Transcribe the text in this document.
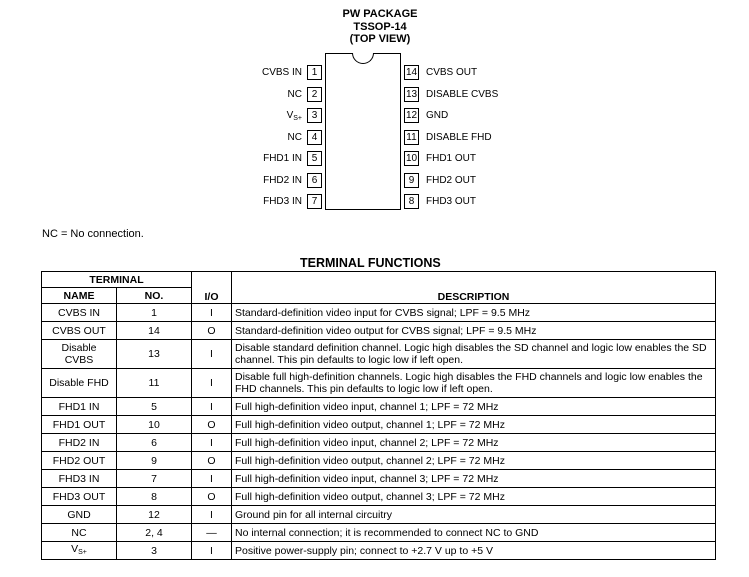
PW PACKAGE
TSSOP-14
(TOP VIEW)
CVBS IN 1
NC 2
$V_{S+}$ 3
NC 4
FHD1 IN 5
FHD2 IN 6
FHD3 IN 7
14 CVBS OUT
13 DISABLE CVBS
12 GND
11 DISABLE FHD
10 FHD1 OUT
9	FHD2 OUT
8	FHD3 OUT
NC = No connection.
TERMINAL FUNCTIONS
TERMINAL		I/O	DESCRIPTION
NAME	NO.		
CVBS IN	1	I	Standard-definition video input for CVBS signal; LPF = 9.5 MHz
CVBS OUT	14	O	Standard-definition video output for CVBS signal; LPF = 9.5 MHz
Disable CVBS	13	I	Disable standard definition channel. Logic high disables the SD channel and logic low enables the SD channel. This pin defaults to logic low if left open.
Disable FHD	11	I	Disable full high-definition channels. Logic high disables the FHD channels and logic low enables the FHD channels. This pin defaults to logic low if left open.
FHD1 IN	5	I	Full high-definition video input, channel 1; LPF = 72 MHz
FHD1 OUT	10	O	Full high-definition video output, channel 1; LPF = 72 MHz
FHD2 IN	6	I	Full high-definition video input, channel 2; LPF = 72 MHz
FHD2 OUT	9	O	Full high-definition video output, channel 2; LPF = 72 MHz
FHD3 IN	7	I	Full high-definition video input, channel 3; LPF = 72 MHz
FHD3 OUT	8	O	Full high-definition video output, channel 3; LPF = 72 MHz
GND	12	I	Ground pin for all internal circuitry
NC	2, 4	—	No internal connection; it is recommended to connect NC to GND
$V_{S+}$	3	I	Positive power-supply pin; connect to +2.7 V up to +5 V
